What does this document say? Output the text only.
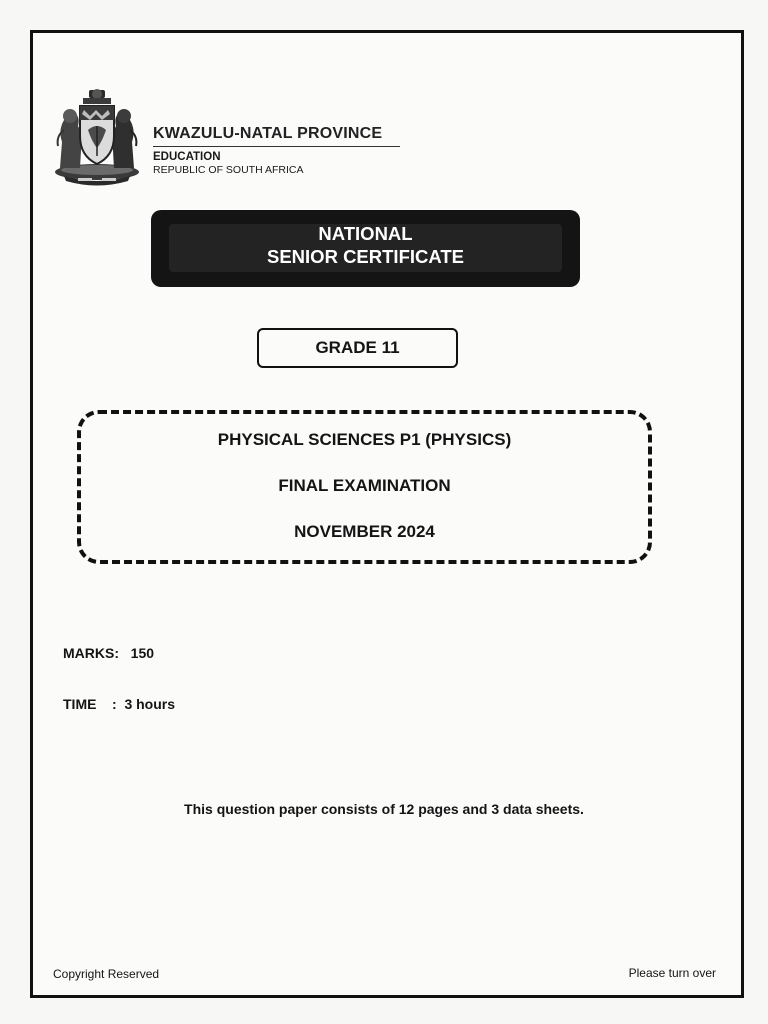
KWAZULU-NATAL PROVINCE
EDUCATION
REPUBLIC OF SOUTH AFRICA
NATIONAL
SENIOR CERTIFICATE
GRADE 11
PHYSICAL SCIENCES P1 (PHYSICS)
FINAL EXAMINATION
NOVEMBER 2024
MARKS:   150
TIME    :  3 hours
This question paper consists of 12 pages and 3 data sheets.
Copyright Reserved	Please turn over
